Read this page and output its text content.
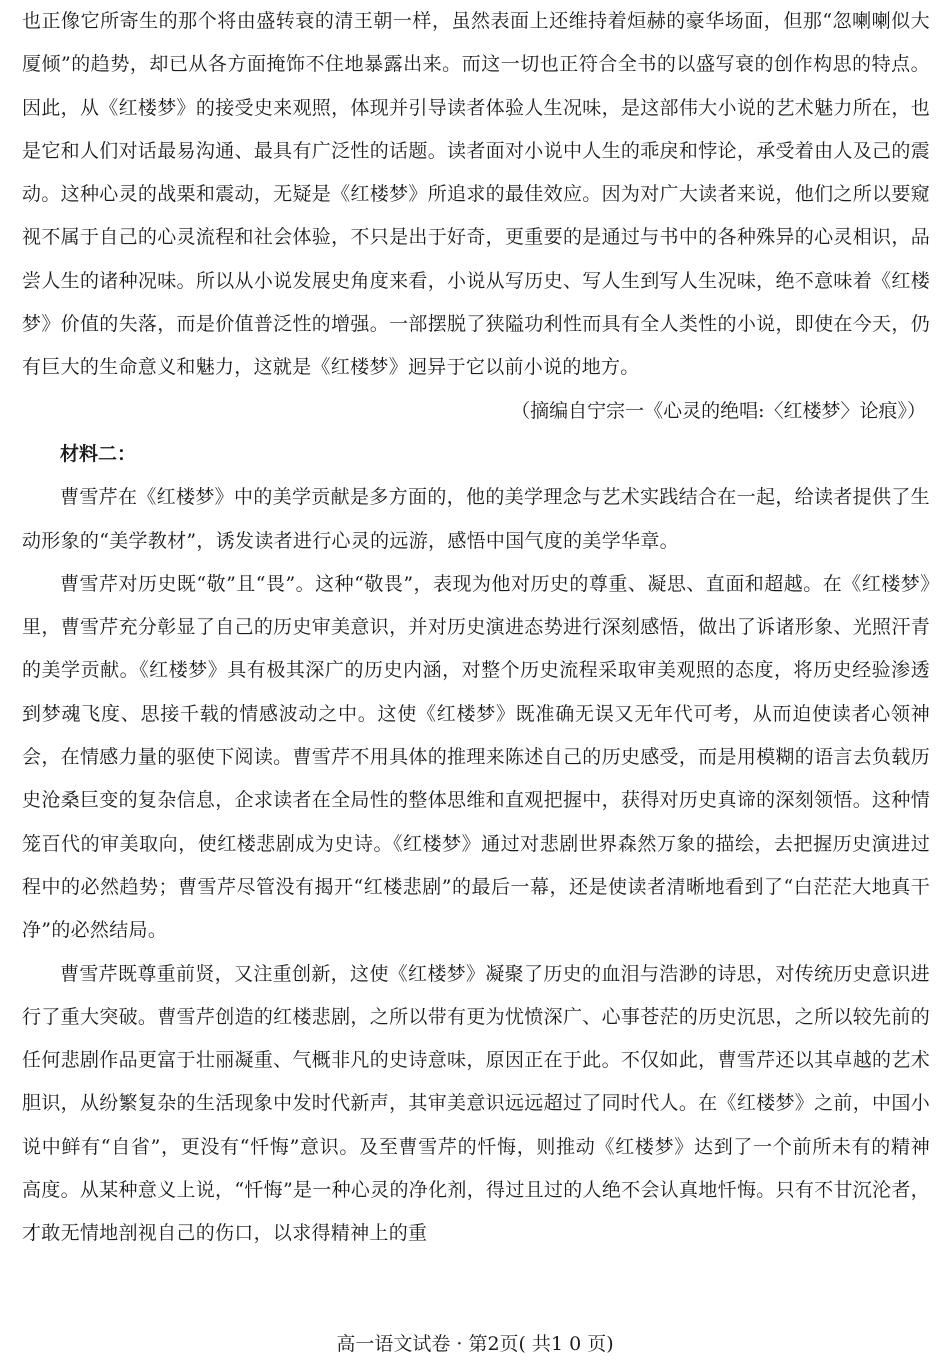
也正像它所寄生的那个将由盛转衰的清王朝一样，虽然表面上还维持着烜赫的豪华场面，但那“忽喇喇似大厦倾”的趋势，却已从各方面掩饰不住地暴露出来。而这一切也正符合全书的以盛写衰的创作构思的特点。因此，从《红楼梦》的接受史来观照，体现并引导读者体验人生况味，是这部伟大小说的艺术魅力所在，也是它和人们对话最易沟通、最具有广泛性的话题。读者面对小说中人生的乖戾和悖论，承受着由人及己的震动。这种心灵的战栗和震动，无疑是《红楼梦》所追求的最佳效应。因为对广大读者来说，他们之所以要窥视不属于自己的心灵流程和社会体验，不只是出于好奇，更重要的是通过与书中的各种殊异的心灵相识，品尝人生的诸种况味。所以从小说发展史角度来看，小说从写历史、写人生到写人生况味，绝不意味着《红楼梦》价值的失落，而是价值普泛性的增强。一部摆脱了狭隘功利性而具有全人类性的小说，即使在今天，仍有巨大的生命意义和魅力，这就是《红楼梦》迥异于它以前小说的地方。

（摘编自宁宗一《心灵的绝唱:〈红楼梦〉论痕》）

材料二：

曹雪芹在《红楼梦》中的美学贡献是多方面的，他的美学理念与艺术实践结合在一起，给读者提供了生动形象的“美学教材”，诱发读者进行心灵的远游，感悟中国气度的美学华章。

曹雪芹对历史既“敬”且“畏”。这种“敬畏”，表现为他对历史的尊重、凝思、直面和超越。在《红楼梦》里，曹雪芹充分彰显了自己的历史审美意识，并对历史演进态势进行深刻感悟，做出了诉诸形象、光照汗青的美学贡献。《红楼梦》具有极其深广的历史内涵，对整个历史流程采取审美观照的态度，将历史经验渗透到梦魂飞度、思接千载的情感波动之中。这使《红楼梦》既准确无误又无年代可考，从而迫使读者心领神会，在情感力量的驱使下阅读。曹雪芹不用具体的推理来陈述自己的历史感受，而是用模糊的语言去负载历史沧桑巨变的复杂信息，企求读者在全局性的整体思维和直观把握中，获得对历史真谛的深刻领悟。这种情笼百代的审美取向，使红楼悲剧成为史诗。《红楼梦》通过对悲剧世界森然万象的描绘，去把握历史演进过程中的必然趋势；曹雪芹尽管没有揭开“红楼悲剧”的最后一幕，还是使读者清晰地看到了“白茫茫大地真干净”的必然结局。

曹雪芹既尊重前贤，又注重创新，这使《红楼梦》凝聚了历史的血泪与浩渺的诗思，对传统历史意识进行了重大突破。曹雪芹创造的红楼悲剧，之所以带有更为忧愤深广、心事苍茫的历史沉思，之所以较先前的任何悲剧作品更富于壮丽凝重、气概非凡的史诗意味，原因正在于此。不仅如此，曹雪芹还以其卓越的艺术胆识，从纷繁复杂的生活现象中发时代新声，其审美意识远远超过了同时代人。在《红楼梦》之前，中国小说中鲜有“自省”，更没有“忏悔”意识。及至曹雪芹的忏悔，则推动《红楼梦》达到了一个前所未有的精神高度。从某种意义上说，“忏悔”是一种心灵的净化剂，得过且过的人绝不会认真地忏悔。只有不甘沉沦者，才敢无情地剖视自己的伤口，以求得精神上的重

高一语文试卷 · 第2页( 共1 0 页)
